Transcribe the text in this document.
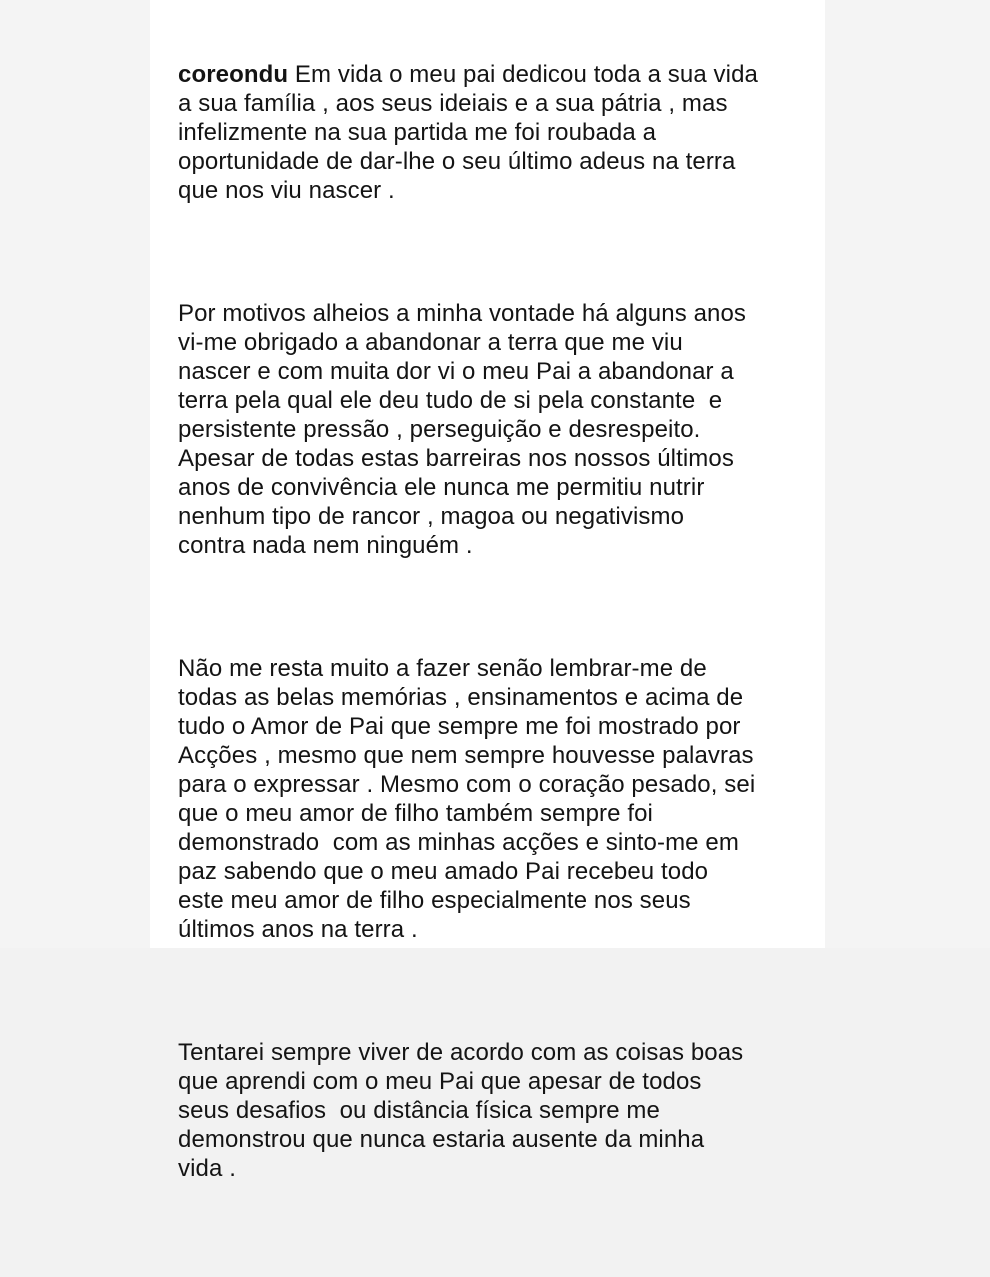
coreondu Em vida o meu pai dedicou toda a sua vida
a sua família , aos seus ideiais e a sua pátria , mas
infelizmente na sua partida me foi roubada a
oportunidade de dar-lhe o seu último adeus na terra
que nos viu nascer .

Por motivos alheios a minha vontade há alguns anos
vi-me obrigado a abandonar a terra que me viu
nascer e com muita dor vi o meu Pai a abandonar a
terra pela qual ele deu tudo de si pela constante  e
persistente pressão , perseguição e desrespeito.
Apesar de todas estas barreiras nos nossos últimos
anos de convivência ele nunca me permitiu nutrir
nenhum tipo de rancor , magoa ou negativismo
contra nada nem ninguém .

Não me resta muito a fazer senão lembrar-me de
todas as belas memórias , ensinamentos e acima de
tudo o Amor de Pai que sempre me foi mostrado por
Acções , mesmo que nem sempre houvesse palavras
para o expressar . Mesmo com o coração pesado, sei
que o meu amor de filho também sempre foi
demonstrado  com as minhas acções e sinto-me em
paz sabendo que o meu amado Pai recebeu todo
este meu amor de filho especialmente nos seus
últimos anos na terra .

Tentarei sempre viver de acordo com as coisas boas
que aprendi com o meu Pai que apesar de todos
seus desafios  ou distância física sempre me
demonstrou que nunca estaria ausente da minha
vida .
